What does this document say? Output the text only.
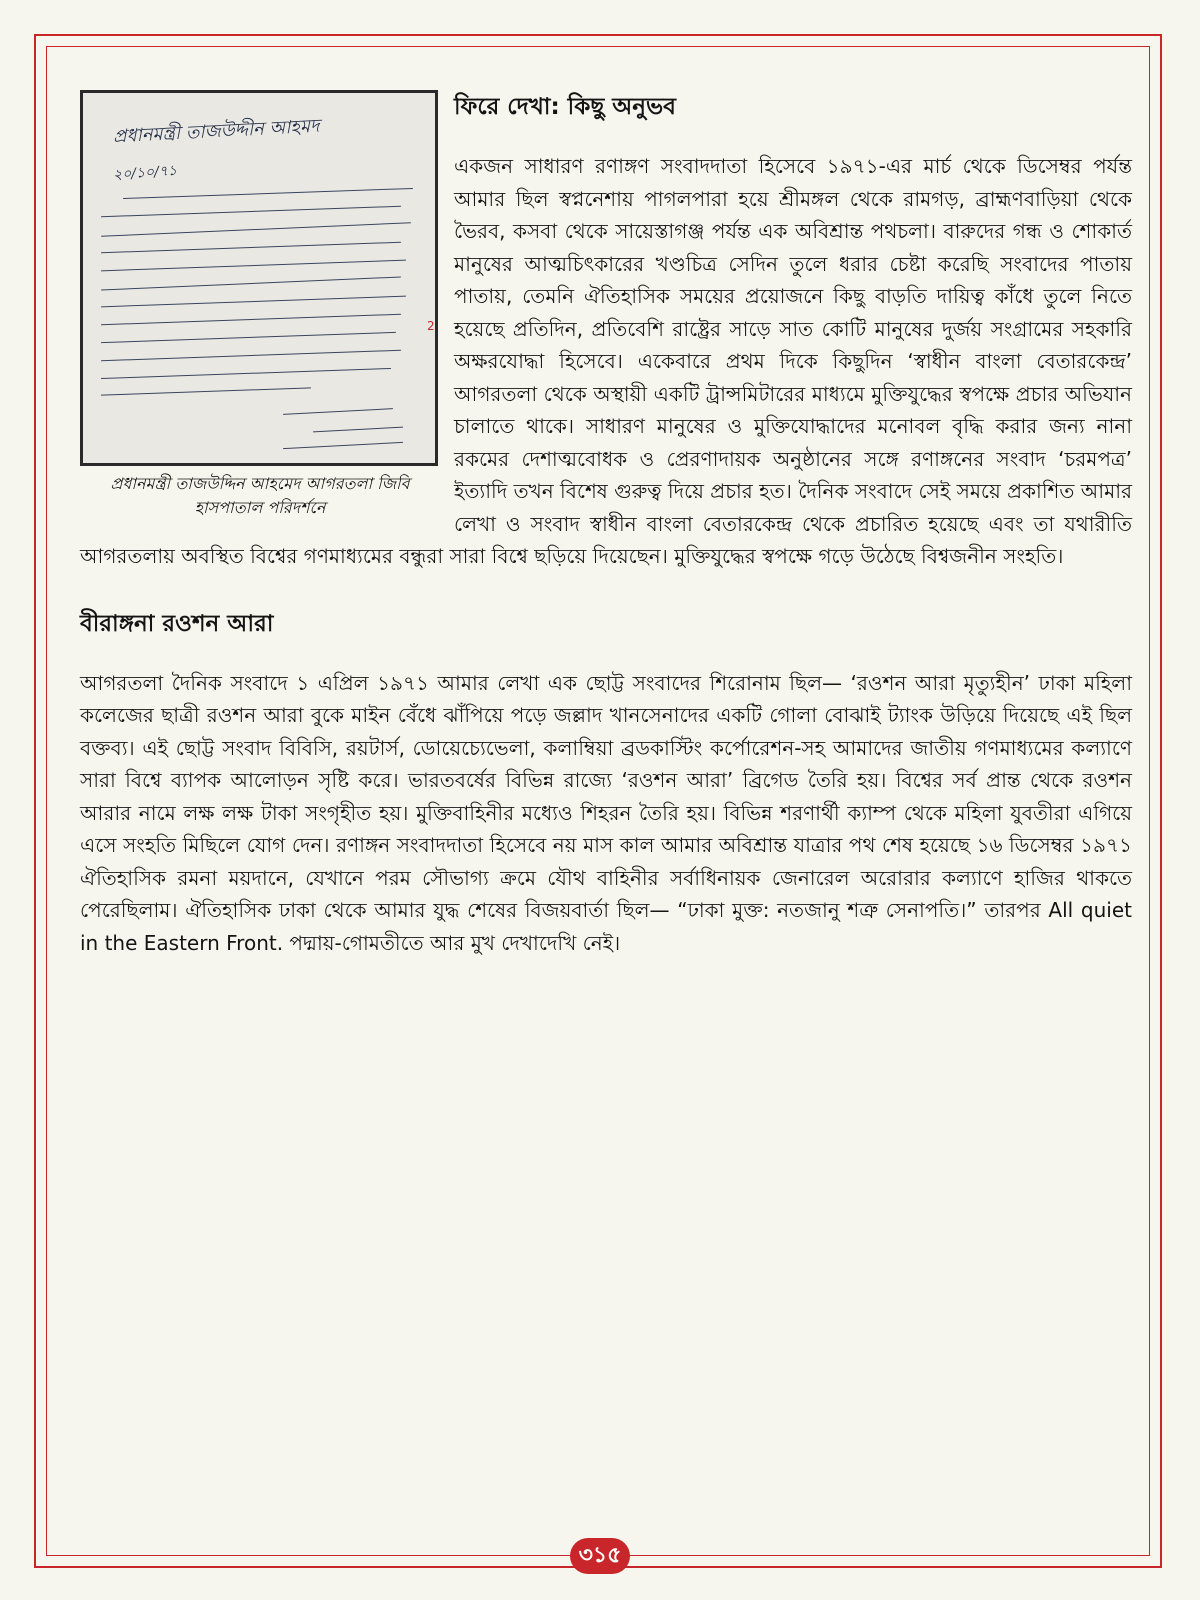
প্রধানমন্ত্রী তাজউদ্দীন আহমদ
২০/১০/৭১
2
প্রধানমন্ত্রী তাজউদ্দিন আহমেদ আগরতলা জিবি হাসপাতাল পরিদর্শনে
ফিরে দেখা: কিছু অনুভব

একজন সাধারণ রণাঙ্গণ সংবাদদাতা হিসেবে ১৯৭১-এর মার্চ থেকে ডিসেম্বর পর্যন্ত আমার ছিল স্বপ্ননেশায় পাগলপারা হয়ে শ্রীমঙ্গল থেকে রামগড়, ব্রাহ্মণবাড়িয়া থেকে ভৈরব, কসবা থেকে সায়েস্তাগঞ্জ পর্যন্ত এক অবিশ্রান্ত পথচলা। বারুদের গন্ধ ও শোকার্ত মানুষের আত্মচিৎকারের খণ্ডচিত্র সেদিন তুলে ধরার চেষ্টা করেছি সংবাদের পাতায় পাতায়, তেমনি ঐতিহাসিক সময়ের প্রয়োজনে কিছু বাড়তি দায়িত্ব কাঁধে তুলে নিতে হয়েছে প্রতিদিন, প্রতিবেশি রাষ্ট্রের সাড়ে সাত কোটি মানুষের দুর্জয় সংগ্রামের সহকারি অক্ষরযোদ্ধা হিসেবে। একেবারে প্রথম দিকে কিছুদিন ‘স্বাধীন বাংলা বেতারকেন্দ্র’ আগরতলা থেকে অস্থায়ী একটি ট্রান্সমিটারের মাধ্যমে মুক্তিযুদ্ধের স্বপক্ষে প্রচার অভিযান চালাতে থাকে। সাধারণ মানুষের ও মুক্তিযোদ্ধাদের মনোবল বৃদ্ধি করার জন্য নানা রকমের দেশাত্মবোধক ও প্রেরণাদায়ক অনুষ্ঠানের সঙ্গে রণাঙ্গনের সংবাদ ‘চরমপত্র’ ইত্যাদি তখন বিশেষ গুরুত্ব দিয়ে প্রচার হত। দৈনিক সংবাদে সেই সময়ে প্রকাশিত আমার লেখা ও সংবাদ স্বাধীন বাংলা বেতারকেন্দ্র থেকে প্রচারিত হয়েছে এবং তা যথারীতি আগরতলায় অবস্থিত বিশ্বের গণমাধ্যমের বন্ধুরা সারা বিশ্বে ছড়িয়ে দিয়েছেন। মুক্তিযুদ্ধের স্বপক্ষে গড়ে উঠেছে বিশ্বজনীন সংহতি।

বীরাঙ্গনা রওশন আরা

আগরতলা দৈনিক সংবাদে ১ এপ্রিল ১৯৭১ আমার লেখা এক ছোট্ট সংবাদের শিরোনাম ছিল— ‘রওশন আরা মৃত্যুহীন’ ঢাকা মহিলা কলেজের ছাত্রী রওশন আরা বুকে মাইন বেঁধে ঝাঁপিয়ে পড়ে জল্লাদ খানসেনাদের একটি গোলা বোঝাই ট্যাংক উড়িয়ে দিয়েছে এই ছিল বক্তব্য। এই ছোট্ট সংবাদ বিবিসি, রয়টার্স, ডোয়েচ্যেভেলা, কলাম্বিয়া ব্রডকাস্টিং কর্পোরেশন-সহ আমাদের জাতীয় গণমাধ্যমের কল্যাণে সারা বিশ্বে ব্যাপক আলোড়ন সৃষ্টি করে। ভারতবর্ষের বিভিন্ন রাজ্যে ‘রওশন আরা’ ব্রিগেড তৈরি হয়। বিশ্বের সর্ব প্রান্ত থেকে রওশন আরার নামে লক্ষ লক্ষ টাকা সংগৃহীত হয়। মুক্তিবাহিনীর মধ্যেও শিহরন তৈরি হয়। বিভিন্ন শরণার্থী ক্যাম্প থেকে মহিলা যুবতীরা এগিয়ে এসে সংহতি মিছিলে যোগ দেন। রণাঙ্গন সংবাদদাতা হিসেবে নয় মাস কাল আমার অবিশ্রান্ত যাত্রার পথ শেষ হয়েছে ১৬ ডিসেম্বর ১৯৭১ ঐতিহাসিক রমনা ময়দানে, যেখানে পরম সৌভাগ্য ক্রমে যৌথ বাহিনীর সর্বাধিনায়ক জেনারেল অরোরার কল্যাণে হাজির থাকতে পেরেছিলাম। ঐতিহাসিক ঢাকা থেকে আমার যুদ্ধ শেষের বিজয়বার্তা ছিল— “ঢাকা মুক্ত: নতজানু শত্রু সেনাপতি।” তারপর All quiet in the Eastern Front. পদ্মায়-গোমতীতে আর মুখ দেখাদেখি নেই।

৩১৫
